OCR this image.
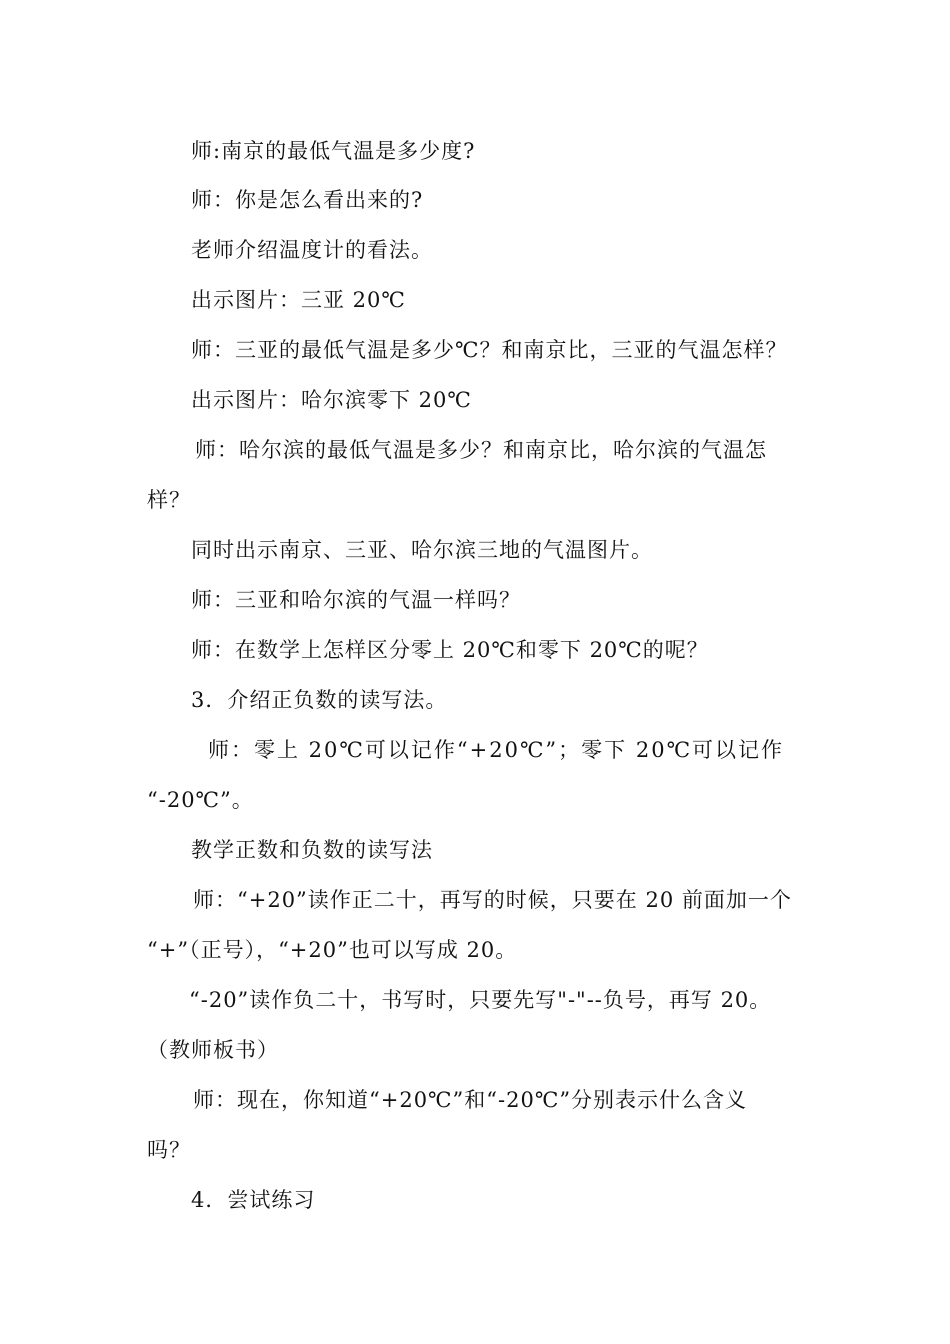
师:南京的最低气温是多少度?
师：你是怎么看出来的?
老师介绍温度计的看法。
出示图片：三亚 20℃
师：三亚的最低气温是多少℃？和南京比，三亚的气温怎样？
出示图片：哈尔滨零下 20℃
师：哈尔滨的最低气温是多少？和南京比，哈尔滨的气温怎
样？
同时出示南京、三亚、哈尔滨三地的气温图片。
师：三亚和哈尔滨的气温一样吗？
师：在数学上怎样区分零上 20℃和零下 20℃的呢？
3．介绍正负数的读写法。
师：零上 20℃可以记作“+20℃”；零下 20℃可以记作
“-20℃”。
教学正数和负数的读写法
师：“+20”读作正二十，再写的时候，只要在 20 前面加一个
“+”（正号），“+20”也可以写成 20。
“-20”读作负二十，书写时，只要先写"-"--负号，再写 20。
（教师板书）
师：现在，你知道“+20℃”和“-20℃”分别表示什么含义
吗？
4．尝试练习
